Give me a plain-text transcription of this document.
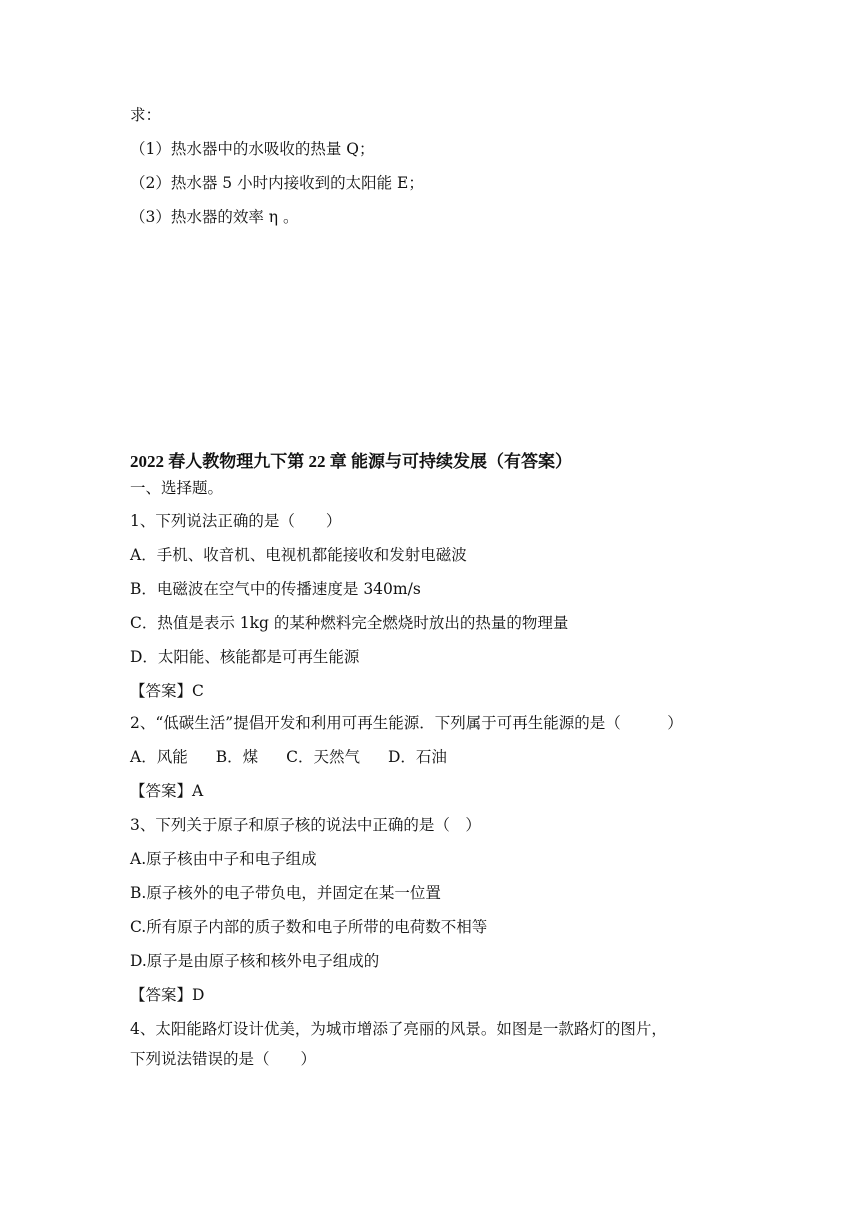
求：
（1）热水器中的水吸收的热量 Q；
（2）热水器 5 小时内接收到的太阳能 E；
（3）热水器的效率 η 。
2022 春人教物理九下第 22 章 能源与可持续发展（有答案）
一、选择题。
1、下列说法正确的是（　　）
A．手机、收音机、电视机都能接收和发射电磁波
B．电磁波在空气中的传播速度是 340m/s
C．热值是表示 1kg 的某种燃料完全燃烧时放出的热量的物理量
D．太阳能、核能都是可再生能源
【答案】C
2、“低碳生活”提倡开发和利用可再生能源．下列属于可再生能源的是（　　　）
A．风能 B．煤 C．天然气 D．石油
【答案】A
3、下列关于原子和原子核的说法中正确的是（　）
A.原子核由中子和电子组成
B.原子核外的电子带负电，并固定在某一位置
C.所有原子内部的质子数和电子所带的电荷数不相等
D.原子是由原子核和核外电子组成的
【答案】D
4、太阳能路灯设计优美，为城市增添了亮丽的风景。如图是一款路灯的图片，
下列说法错误的是（　　）
